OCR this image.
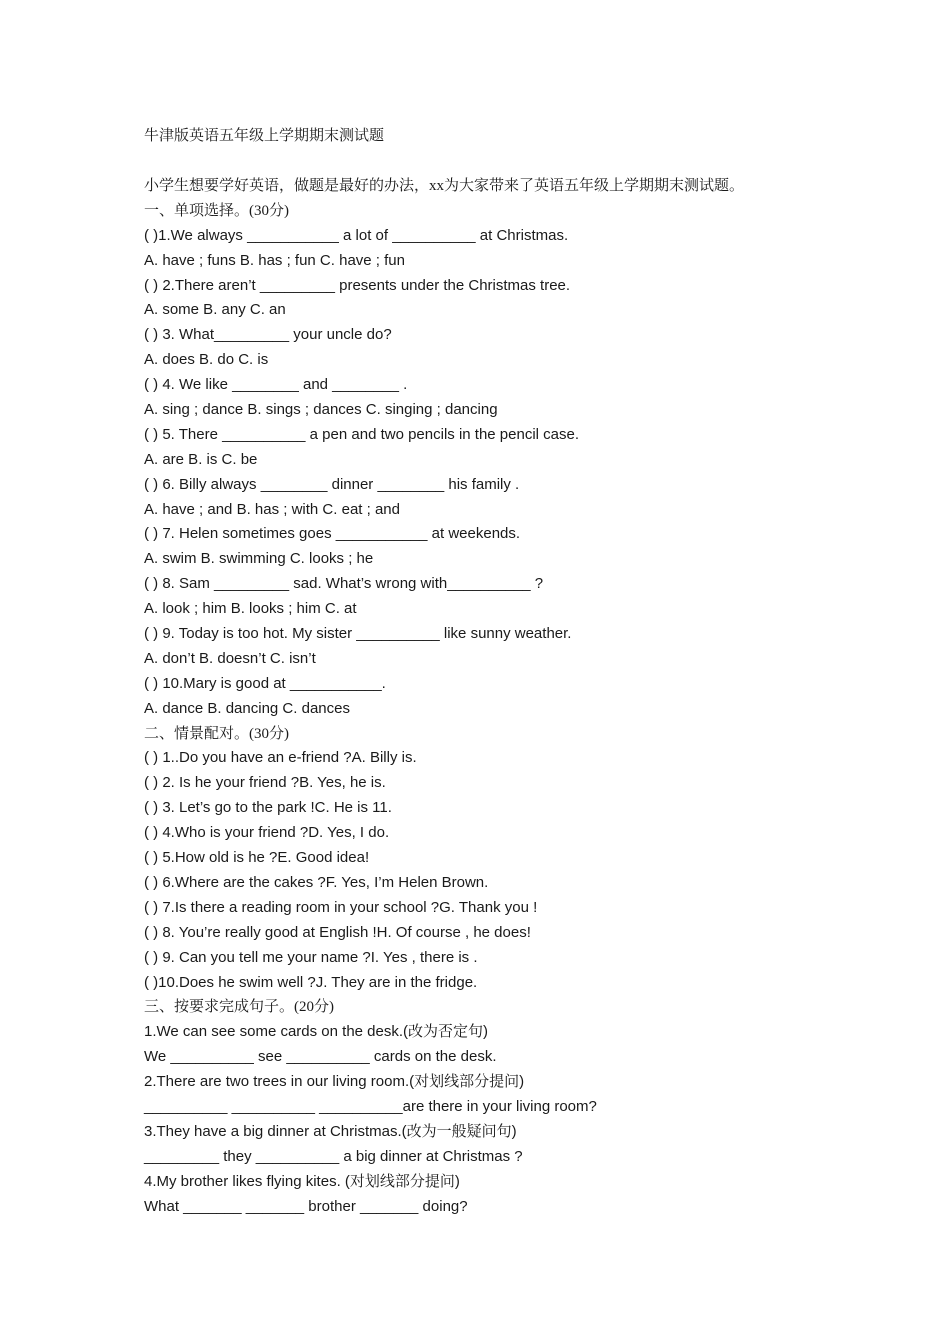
牛津版英语五年级上学期期末测试题
小学生想要学好英语，做题是最好的办法，xx为大家带来了英语五年级上学期期末测试题。
一、单项选择。(30分)
( )1.We always ___________ a lot of __________ at Christmas.
A. have ; funs B. has ; fun C. have ; fun
( ) 2.There aren’t _________ presents under the Christmas tree.
A. some B. any C. an
( ) 3. What_________ your uncle do?
A. does B. do C. is
( ) 4. We like ________ and ________ .
A. sing ; dance B. sings ; dances C. singing ; dancing
( ) 5. There __________ a pen and two pencils in the pencil case.
A. are B. is C. be
( ) 6. Billy always ________ dinner ________ his family .
A. have ; and B. has ; with C. eat ; and
( ) 7. Helen sometimes goes ___________ at weekends.
A. swim B. swimming C. looks ; he
( ) 8. Sam _________ sad. What’s wrong with__________ ?
A. look ; him B. looks ; him C. at
( ) 9. Today is too hot. My sister __________ like sunny weather.
A. don’t B. doesn’t C. isn’t
( ) 10.Mary is good at ___________.
A. dance B. dancing C. dances
二、情景配对。(30分)
( ) 1..Do you have an e-friend ?A. Billy is.
( ) 2. Is he your friend ?B. Yes, he is.
( ) 3. Let’s go to the park !C. He is 11.
( ) 4.Who is your friend ?D. Yes, I do.
( ) 5.How old is he ?E. Good idea!
( ) 6.Where are the cakes ?F. Yes, I’m Helen Brown.
( ) 7.Is there a reading room in your school ?G. Thank you !
( ) 8. You’re really good at English !H. Of course , he does!
( ) 9. Can you tell me your name ?I. Yes , there is .
( )10.Does he swim well ?J. They are in the fridge.
三、按要求完成句子。(20分)
1.We can see some cards on the desk.(改为否定句)
We __________ see __________ cards on the desk.
2.There are two trees in our living room.(对划线部分提问)
__________ __________ __________are there in your living room?
3.They have a big dinner at Christmas.(改为一般疑问句)
_________ they __________ a big dinner at Christmas ?
4.My brother likes flying kites. (对划线部分提问)
What _______ _______ brother _______ doing?
